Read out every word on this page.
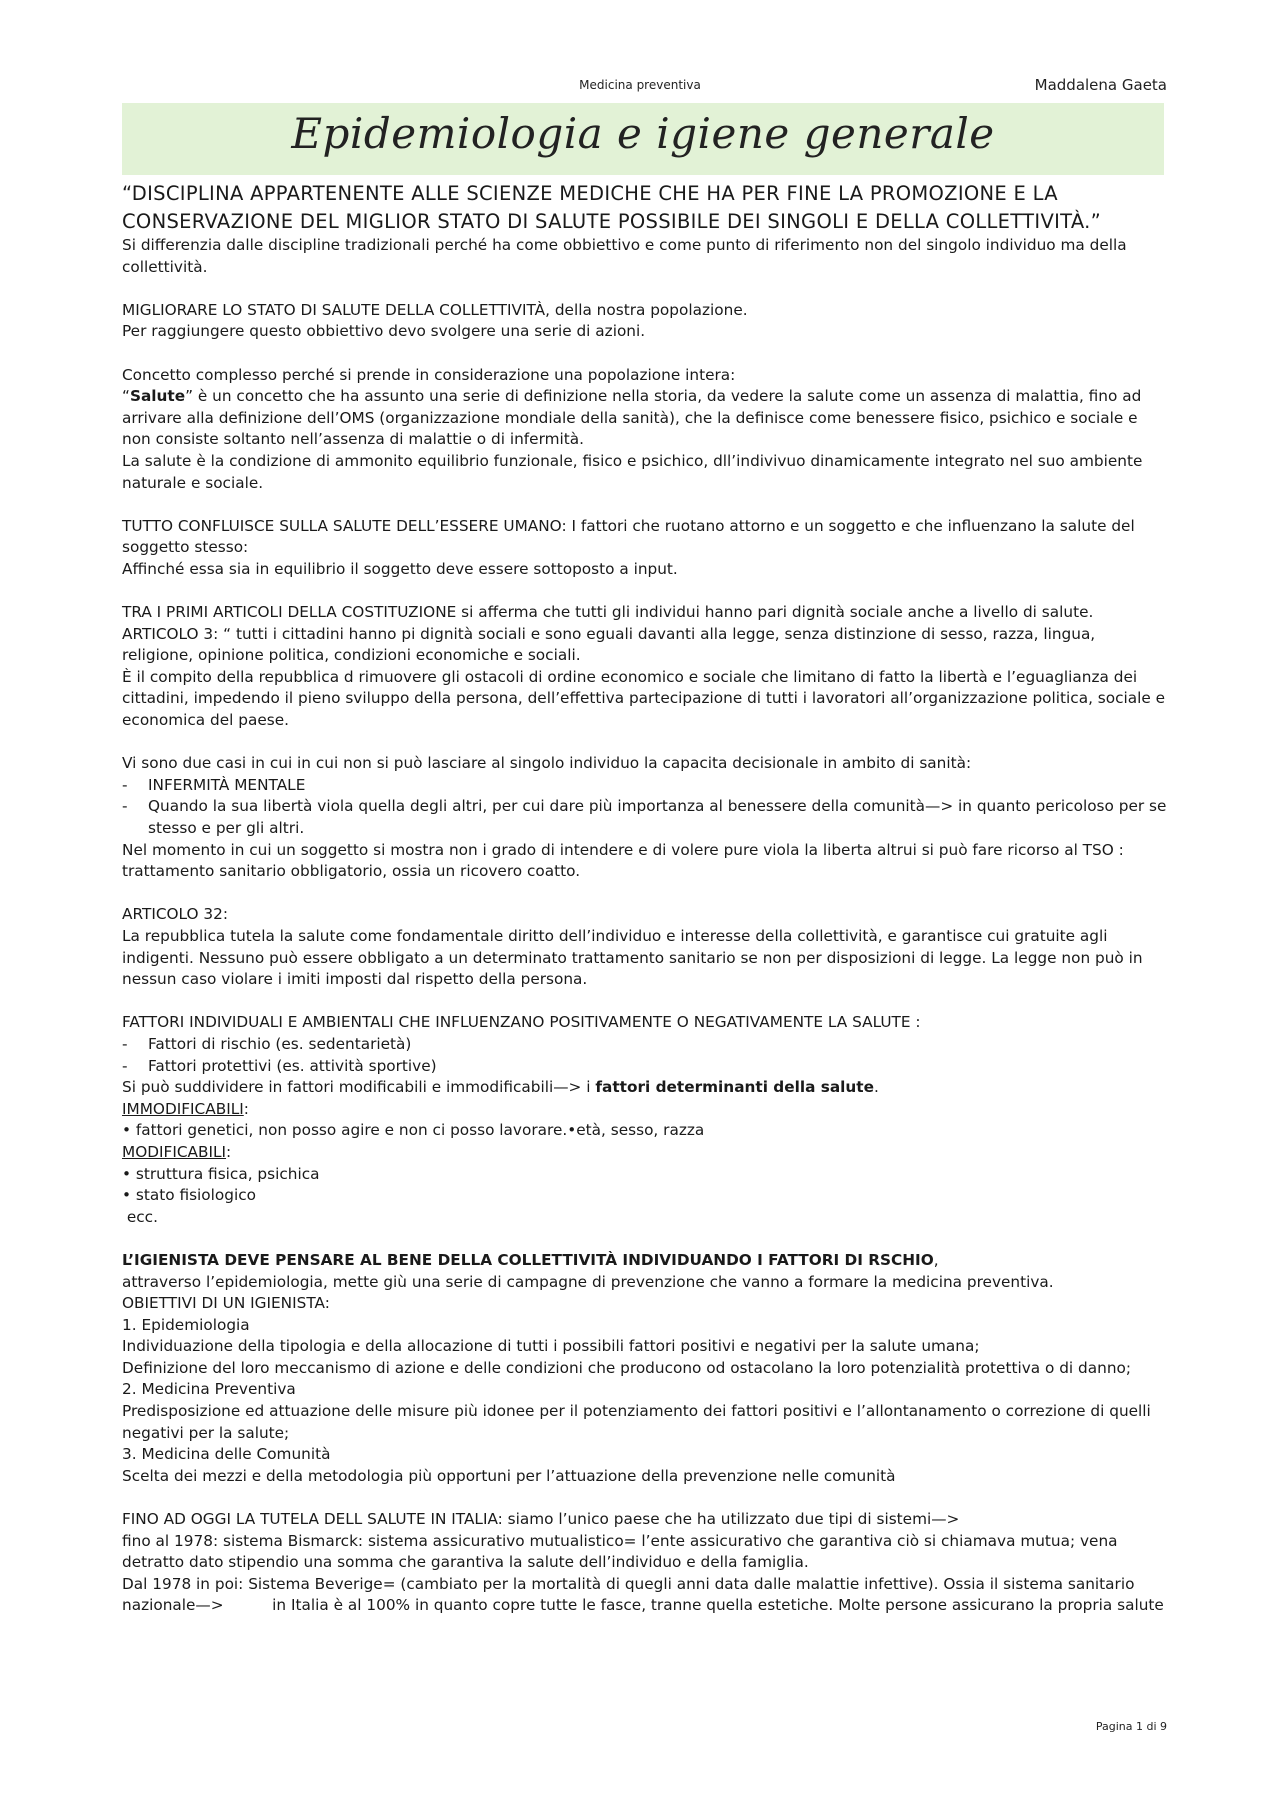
Medicina preventiva	Maddalena Gaeta
Epidemiologia e igiene generale

“DISCIPLINA APPARTENENTE ALLE SCIENZE MEDICHE CHE HA PER FINE LA PROMOZIONE E LA CONSERVAZIONE DEL MIGLIOR STATO DI SALUTE POSSIBILE DEI SINGOLI E DELLA COLLETTIVITÀ.”

Si differenzia dalle discipline tradizionali perché ha come obbiettivo e come punto di riferimento non del singolo individuo ma della collettività.

MIGLIORARE LO STATO DI SALUTE DELLA COLLETTIVITÀ, della nostra popolazione.

Per raggiungere questo obbiettivo devo svolgere una serie di azioni.

Concetto complesso perché si prende in considerazione una popolazione intera:

“Salute” è un concetto che ha assunto una serie di definizione nella storia, da vedere la salute come un assenza di malattia, fino ad arrivare alla definizione dell’OMS (organizzazione mondiale della sanità), che la definisce come benessere fisico, psichico e sociale e non consiste soltanto nell’assenza di malattie o di infermità.

La salute è la condizione di ammonito equilibrio funzionale, fisico e psichico, dll’indivivuo dinamicamente integrato nel suo ambiente naturale e sociale.

TUTTO CONFLUISCE SULLA SALUTE DELL’ESSERE UMANO: I fattori che ruotano attorno e un soggetto e che influenzano la salute del soggetto stesso:

Affinché essa sia in equilibrio il soggetto deve essere sottoposto a input.

TRA I PRIMI ARTICOLI DELLA COSTITUZIONE si afferma che tutti gli individui hanno pari dignità sociale anche a livello di salute.

ARTICOLO 3: “ tutti i cittadini hanno pi dignità sociali e sono eguali davanti alla legge, senza distinzione di sesso, razza, lingua, religione, opinione politica, condizioni economiche e sociali.

È il compito della repubblica d rimuovere gli ostacoli di ordine economico e sociale che limitano di fatto la libertà e l’eguaglianza dei cittadini, impedendo il pieno sviluppo della persona, dell’effettiva partecipazione di tutti i lavoratori all’organizzazione politica, sociale e economica del paese.

Vi sono due casi in cui in cui non si può lasciare al singolo individuo la capacita decisionale in ambito di sanità:

-	INFERMITÀ MENTALE
-	Quando la sua libertà viola quella degli altri, per cui dare più importanza al benessere della comunità—> in quanto pericoloso per se stesso e per gli altri.

Nel momento in cui un soggetto si mostra non i grado di intendere e di volere pure viola la liberta altrui si può fare ricorso al TSO : trattamento sanitario obbligatorio, ossia un ricovero coatto.

ARTICOLO 32:

La repubblica tutela la salute come fondamentale diritto dell’individuo e interesse della collettività, e garantisce cui gratuite agli indigenti. Nessuno può essere obbligato a un determinato trattamento sanitario se non per disposizioni di legge. La legge non può in nessun caso violare i imiti imposti dal rispetto della persona.

FATTORI INDIVIDUALI E AMBIENTALI CHE INFLUENZANO POSITIVAMENTE O NEGATIVAMENTE LA SALUTE :

-	Fattori di rischio (es. sedentarietà)
-	Fattori protettivi (es. attività sportive)

Si può suddividere in fattori modificabili e immodificabili—> i fattori determinanti della salute.

IMMODIFICABILI:

• fattori genetici, non posso agire e non ci posso lavorare.•età, sesso, razza

MODIFICABILI:

• struttura fisica, psichica

• stato fisiologico

ecc.

L’IGIENISTA DEVE PENSARE AL BENE DELLA COLLETTIVITÀ INDIVIDUANDO I FATTORI DI RSCHIO,

attraverso l’epidemiologia, mette giù una serie di campagne di prevenzione che vanno a formare la medicina preventiva.

OBIETTIVI DI UN IGIENISTA:

1. Epidemiologia

Individuazione della tipologia e della allocazione di tutti i possibili fattori positivi e negativi per la salute umana;

Definizione del loro meccanismo di azione e delle condizioni che producono od ostacolano la loro potenzialità protettiva o di danno;

2. Medicina Preventiva

Predisposizione ed attuazione delle misure più idonee per il potenziamento dei fattori positivi e l’allontanamento o correzione di quelli negativi per la salute;

3. Medicina delle Comunità

Scelta dei mezzi e della metodologia più opportuni per l’attuazione della prevenzione nelle comunità

FINO AD OGGI LA TUTELA DELL SALUTE IN ITALIA: siamo l’unico paese che ha utilizzato due tipi di sistemi—>

fino al 1978: sistema Bismarck: sistema assicurativo mutualistico= l’ente assicurativo che garantiva ciò si chiamava mutua; vena detratto dato stipendio una somma che garantiva la salute dell’individuo e della famiglia.

Dal 1978 in poi: Sistema Beverige= (cambiato per la mortalità di quegli anni data dalle malattie infettive). Ossia il sistema sanitario nazionale—>          in Italia è al 100% in quanto copre tutte le fasce, tranne quella estetiche. Molte persone assicurano la propria salute

Pagina 1 di 9
